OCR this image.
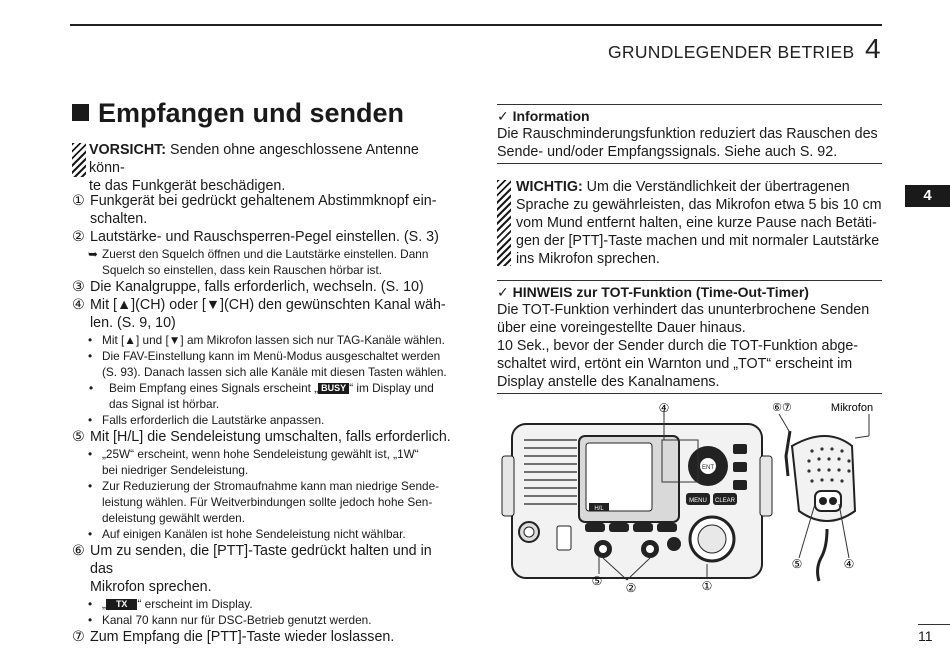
GRUNDLEGENDER BETRIEB 4
4
Empfangen und senden
VORSICHT: Senden ohne angeschlossene Antenne könn-
te das Funkgerät beschädigen.
① Funkgerät bei gedrückt gehaltenem Abstimmknopf ein-
schalten.
② Lautstärke- und Rauschsperren-Pegel einstellen. (S. 3)
➥ Zuerst den Squelch öffnen und die Lautstärke einstellen. Dann
Squelch so einstellen, dass kein Rauschen hörbar ist.
③ Die Kanalgruppe, falls erforderlich, wechseln. (S. 10)
④ Mit [▲](CH) oder [▼](CH) den gewünschten Kanal wäh-
len. (S. 9, 10)
• Mit [▲] und [▼] am Mikrofon lassen sich nur TAG-Kanäle wählen.
• Die FAV-Einstellung kann im Menü-Modus ausgeschaltet werden
(S. 93). Danach lassen sich alle Kanäle mit diesen Tasten wählen.
• Beim Empfang eines Signals erscheint „ BUSY “ im Display und
das Signal ist hörbar.
• Falls erforderlich die Lautstärke anpassen.
⑤ Mit [H/L] die Sendeleistung umschalten, falls erforderlich.
• „25W“ erscheint, wenn hohe Sendeleistung gewählt ist, „1W“
bei niedriger Sendeleistung.
• Zur Reduzierung der Stromaufnahme kann man niedrige Sende-
leistung wählen. Für Weitverbindungen sollte jedoch hohe Sen-
deleistung gewählt werden.
• Auf einigen Kanälen ist hohe Sendeleistung nicht wählbar.
⑥ Um zu senden, die [PTT]-Taste gedrückt halten und in das
Mikrofon sprechen.
• „ TX “ erscheint im Display.
• Kanal 70 kann nur für DSC-Betrieb genutzt werden.
⑦ Zum Empfang die [PTT]-Taste wieder loslassen.
✓ Information
Die Rauschminderungsfunktion reduziert das Rauschen des
Sende- und/oder Empfangssignals. Siehe auch S. 92.
WICHTIG: Um die Verständlichkeit der übertragenen
Sprache zu gewährleisten, das Mikrofon etwa 5 bis 10 cm
vom Mund entfernt halten, eine kurze Pause nach Betäti-
gen der [PTT]-Taste machen und mit normaler Lautstärke
ins Mikrofon sprechen.
✓ HINWEIS zur TOT-Funktion (Time-Out-Timer)
Die TOT-Funktion verhindert das ununterbrochene Senden
über eine voreingestellte Dauer hinaus.
10 Sek., bevor der Sender durch die TOT-Funktion abge-
schaltet wird, ertönt ein Warnton und „TOT“ erscheint im
Display anstelle des Kanalnamens.
H/L
ENT
MENU CLEAR
④
⑤ ②	①
⑥⑦	Mikrofon
⑤	④
11
